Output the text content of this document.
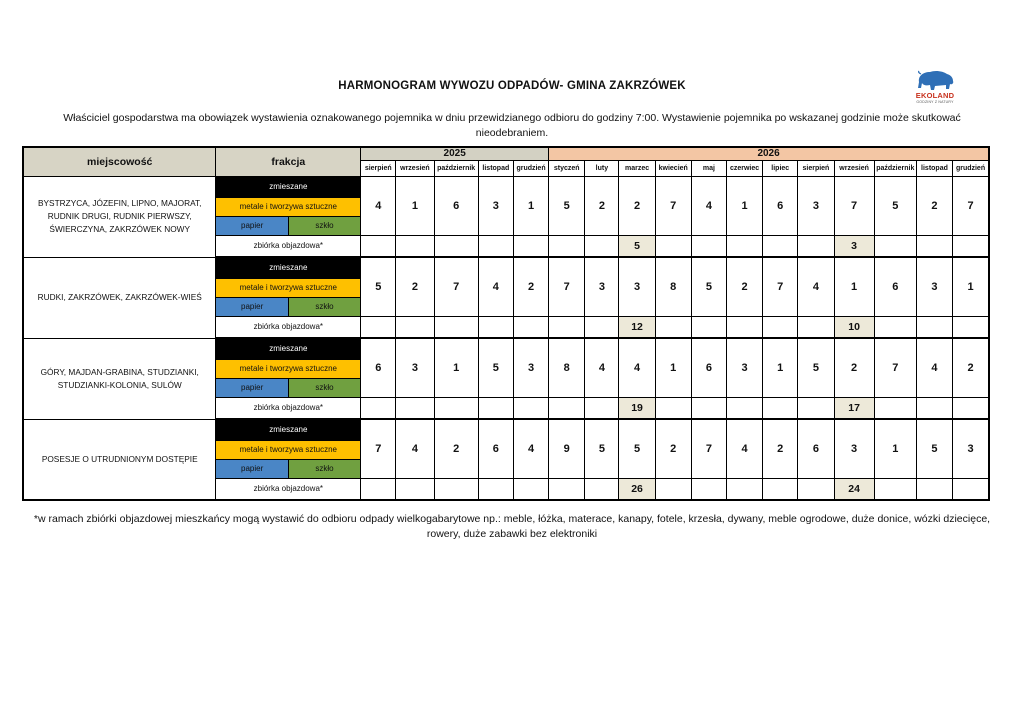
HARMONOGRAM WYWOZU ODPADÓW- GMINA ZAKRZÓWEK
EKOLAND
GODZINY Z NATURY
Właściciel gospodarstwa ma obowiązek wystawienia oznakowanego pojemnika w dniu przewidzianego odbioru do godziny 7:00. Wystawienie pojemnika po wskazanej godzinie może skutkować nieodebraniem.
miejscowość	frakcja	2025					2026											
		sierpień	wrzesień	październik	listopad	grudzień	styczeń	luty	marzec	kwiecień	maj	czerwiec	lipiec	sierpień	wrzesień	październik	listopad	grudzień
BYSTRZYCA, JÓZEFIN, LIPNO, MAJORAT, RUDNIK DRUGI, RUDNIK PIERWSZY, ŚWIERCZYNA, ZAKRZÓWEK NOWY	zmieszane	4	1	6	3	1	5	2	2	7	4	1	6	3	7	5	2	7
	metale i tworzywa sztuczne																	

papier szkło																	

	zbiórka objazdowa*								5						3			
RUDKI, ZAKRZÓWEK, ZAKRZÓWEK-WIEŚ	zmieszane	5	2	7	4	2	7	3	3	8	5	2	7	4	1	6	3	1
	metale i tworzywa sztuczne																	

papier szkło																	

	zbiórka objazdowa*								12						10			
GÓRY, MAJDAN-GRABINA, STUDZIANKI, STUDZIANKI-KOLONIA, SULÓW	zmieszane	6	3	1	5	3	8	4	4	1	6	3	1	5	2	7	4	2
	metale i tworzywa sztuczne																	

papier szkło																	

	zbiórka objazdowa*								19						17			
POSESJE O UTRUDNIONYM DOSTĘPIE	zmieszane	7	4	2	6	4	9	5	5	2	7	4	2	6	3	1	5	3
	metale i tworzywa sztuczne																	

papier szkło																	

	zbiórka objazdowa*								26						24			
*w ramach zbiórki objazdowej mieszkańcy mogą wystawić do odbioru odpady wielkogabarytowe np.: meble, łóżka, materace, kanapy, fotele, krzesła, dywany, meble ogrodowe, duże donice, wózki dziecięce, rowery, duże zabawki bez elektroniki
